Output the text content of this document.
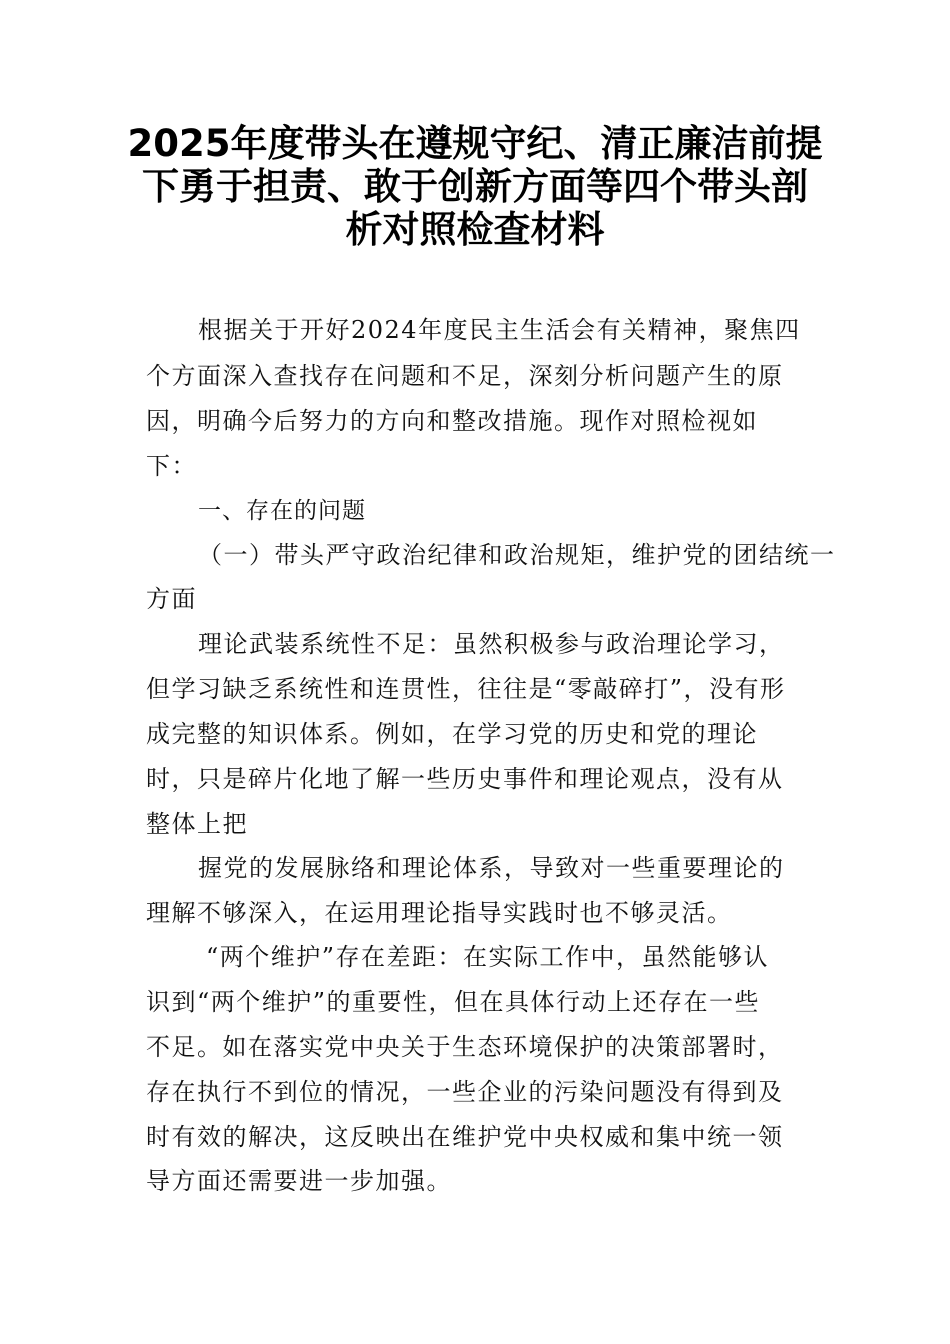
2025年度带头在遵规守纪、清正廉洁前提
下勇于担责、敢于创新方面等四个带头剖
析对照检查材料
根据关于开好2024年度民主生活会有关精神，聚焦四
个方面深入查找存在问题和不足，深刻分析问题产生的原
因，明确今后努力的方向和整改措施。现作对照检视如
下：
一、存在的问题
（一）带头严守政治纪律和政治规矩，维护党的团结统一
方面
理论武装系统性不足：虽然积极参与政治理论学习，
但学习缺乏系统性和连贯性，往往是“零敲碎打”，没有形
成完整的知识体系。例如，在学习党的历史和党的理论
时，只是碎片化地了解一些历史事件和理论观点，没有从
整体上把
握党的发展脉络和理论体系，导致对一些重要理论的
理解不够深入，在运用理论指导实践时也不够灵活。
“两个维护”存在差距：在实际工作中，虽然能够认
识到“两个维护”的重要性，但在具体行动上还存在一些
不足。如在落实党中央关于生态环境保护的决策部署时，
存在执行不到位的情况，一些企业的污染问题没有得到及
时有效的解决，这反映出在维护党中央权威和集中统一领
导方面还需要进一步加强。
